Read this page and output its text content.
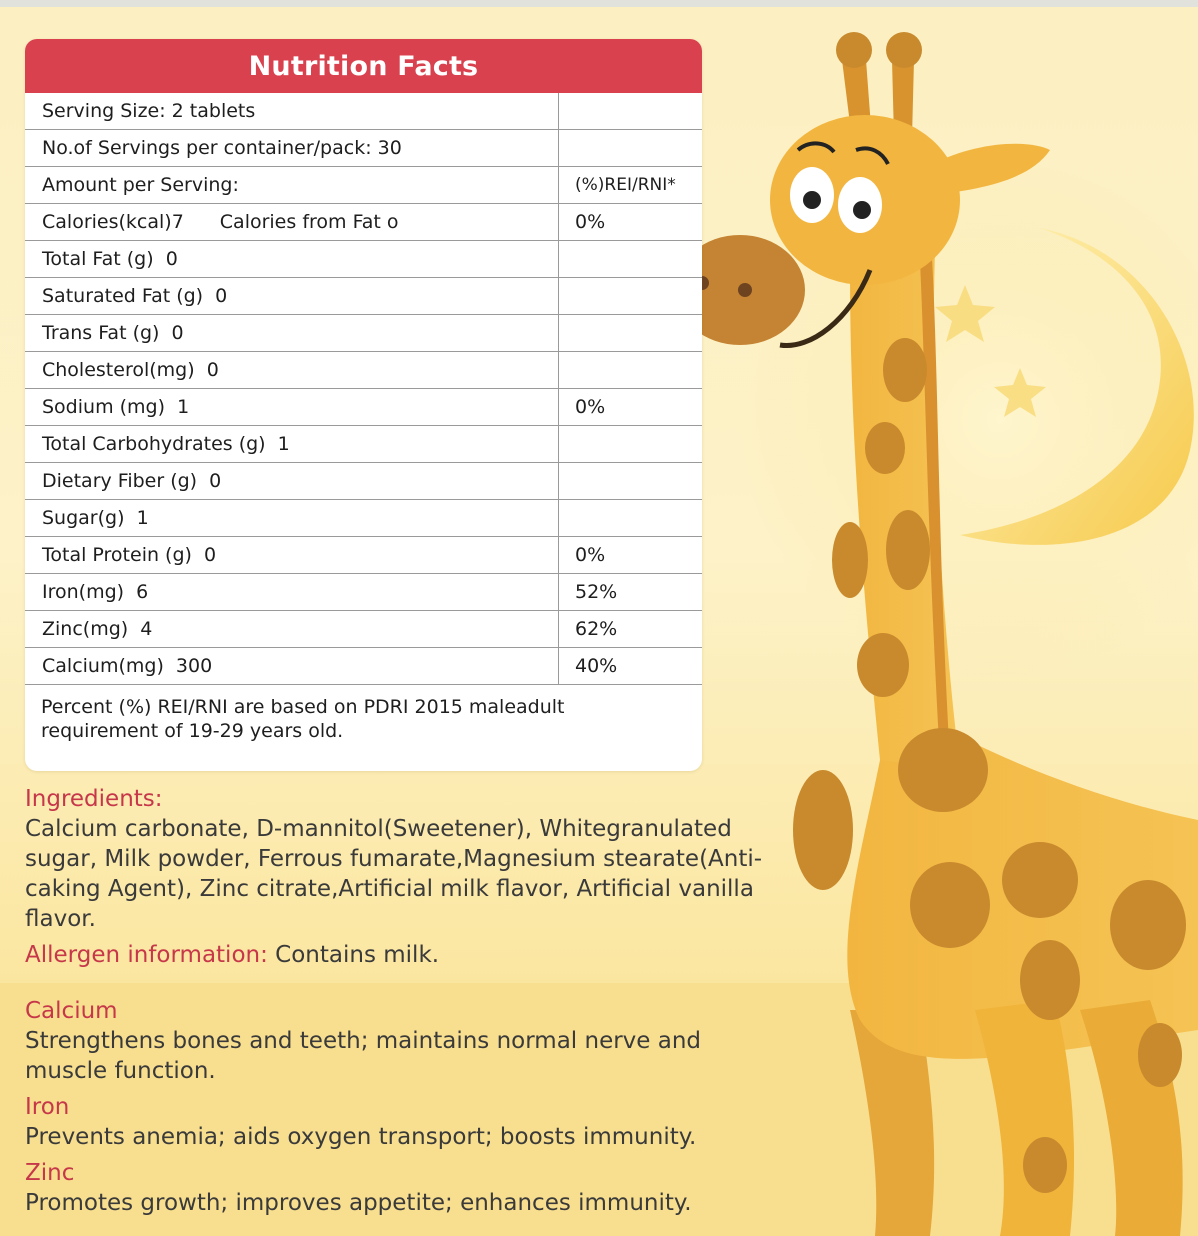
Nutrition Facts
Serving Size: 2 tablets
No.of Servings per container/pack: 30
Amount per Serving:	(%)REI/RNI*
Calories(kcal)7 Calories from Fat o	0%
Total Fat (g)  0
Saturated Fat (g)  0
Trans Fat (g)  0
Cholesterol(mg)  0
Sodium (mg)  1	0%
Total Carbohydrates (g)  1
Dietary Fiber (g)  0
Sugar(g)  1
Total Protein (g)  0	0%
Iron(mg)  6	52%
Zinc(mg)  4	62%
Calcium(mg)  300	40%
Percent (%) REI/RNI are based on PDRI 2015 maleadult requirement of 19-29 years old.
Ingredients:
Calcium carbonate, D-mannitol(Sweetener), Whitegranulated
sugar, Milk powder, Ferrous fumarate,Magnesium stearate(Anti-
caking Agent), Zinc citrate,Artificial milk flavor, Artificial vanilla
flavor.
Allergen information: Contains milk.
Calcium
Strengthens bones and teeth; maintains normal nerve and
muscle function.
Iron
Prevents anemia; aids oxygen transport; boosts immunity.
Zinc
Promotes growth; improves appetite; enhances immunity.
